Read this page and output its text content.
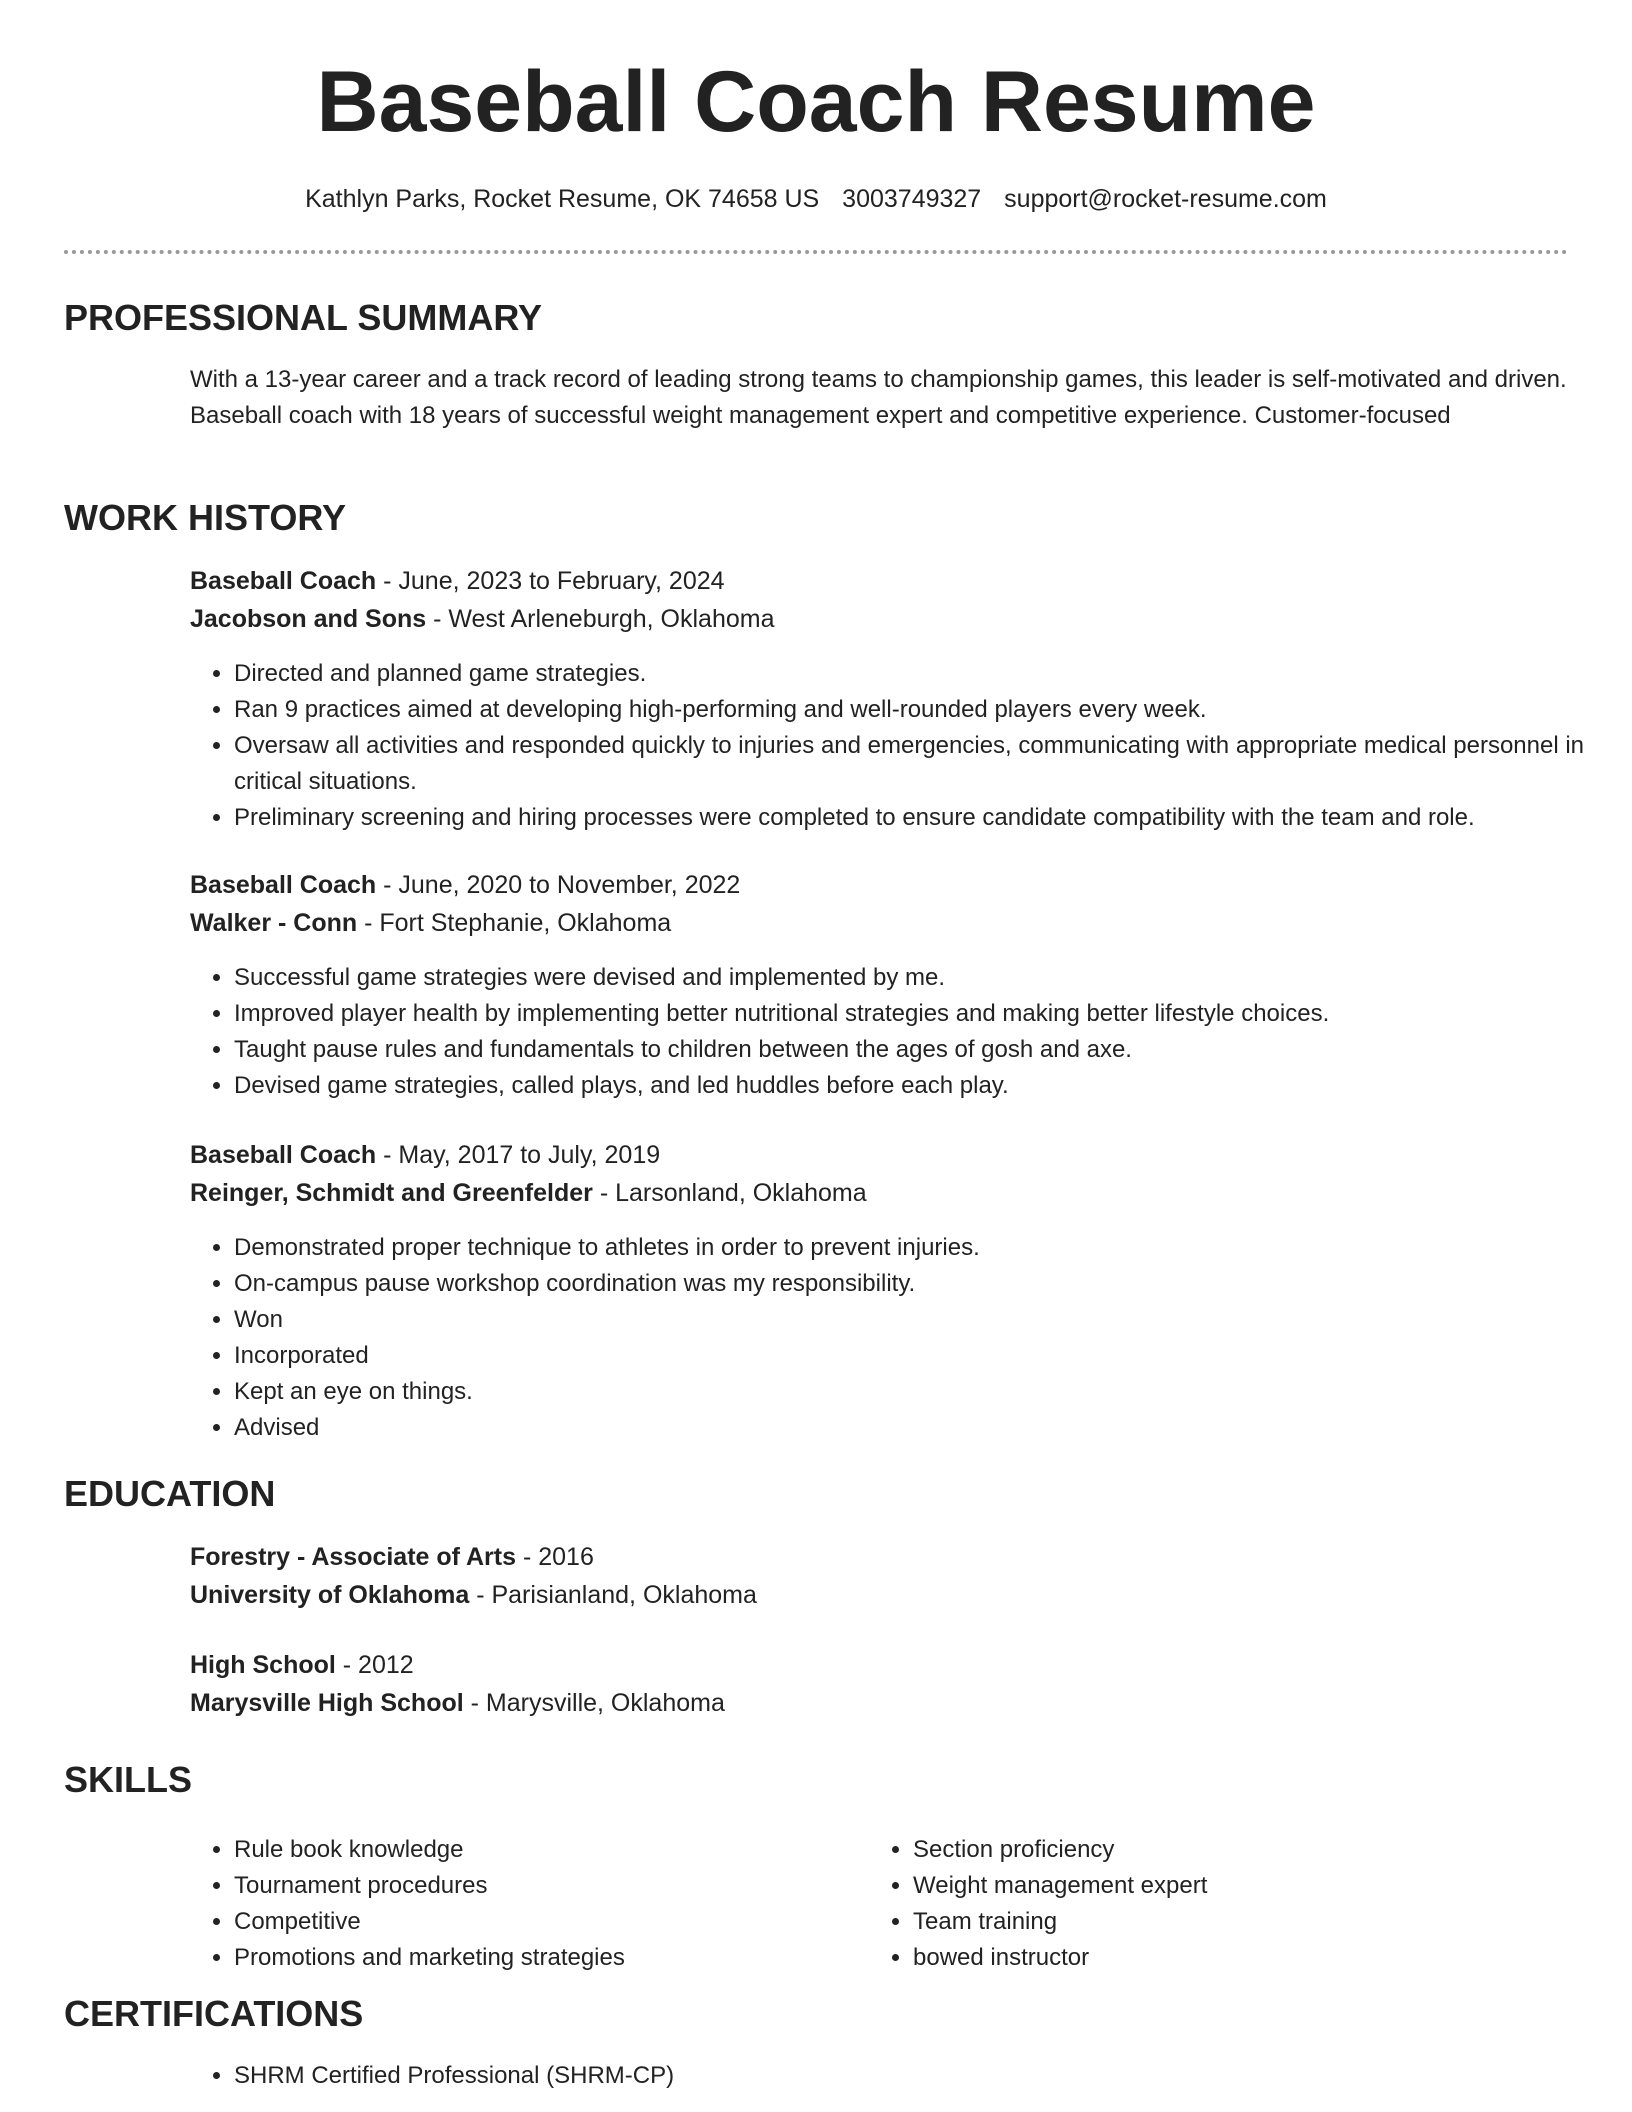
Baseball Coach Resume
Kathlyn Parks, Rocket Resume, OK 74658 US 3003749327 support@rocket-resume.com
PROFESSIONAL SUMMARY
With a 13-year career and a track record of leading strong teams to championship games, this leader is self-motivated and driven. Baseball coach with 18 years of successful weight management expert and competitive experience. Customer-focused
WORK HISTORY
Baseball Coach - June, 2023 to February, 2024
Jacobson and Sons - West Arleneburgh, Oklahoma
• Directed and planned game strategies.
• Ran 9 practices aimed at developing high-performing and well-rounded players every week.
• Oversaw all activities and responded quickly to injuries and emergencies, communicating with appropriate medical personnel in critical situations.
• Preliminary screening and hiring processes were completed to ensure candidate compatibility with the team and role.
Baseball Coach - June, 2020 to November, 2022
Walker - Conn - Fort Stephanie, Oklahoma
• Successful game strategies were devised and implemented by me.
• Improved player health by implementing better nutritional strategies and making better lifestyle choices.
• Taught pause rules and fundamentals to children between the ages of gosh and axe.
• Devised game strategies, called plays, and led huddles before each play.
Baseball Coach - May, 2017 to July, 2019
Reinger, Schmidt and Greenfelder - Larsonland, Oklahoma
• Demonstrated proper technique to athletes in order to prevent injuries.
• On-campus pause workshop coordination was my responsibility.
• Won
• Incorporated
• Kept an eye on things.
• Advised
EDUCATION
Forestry - Associate of Arts - 2016
University of Oklahoma - Parisianland, Oklahoma
High School - 2012
Marysville High School - Marysville, Oklahoma
SKILLS
• Rule book knowledge
• Tournament procedures
• Competitive
• Promotions and marketing strategies
• Section proficiency
• Weight management expert
• Team training
• bowed instructor
CERTIFICATIONS
• SHRM Certified Professional (SHRM-CP)
